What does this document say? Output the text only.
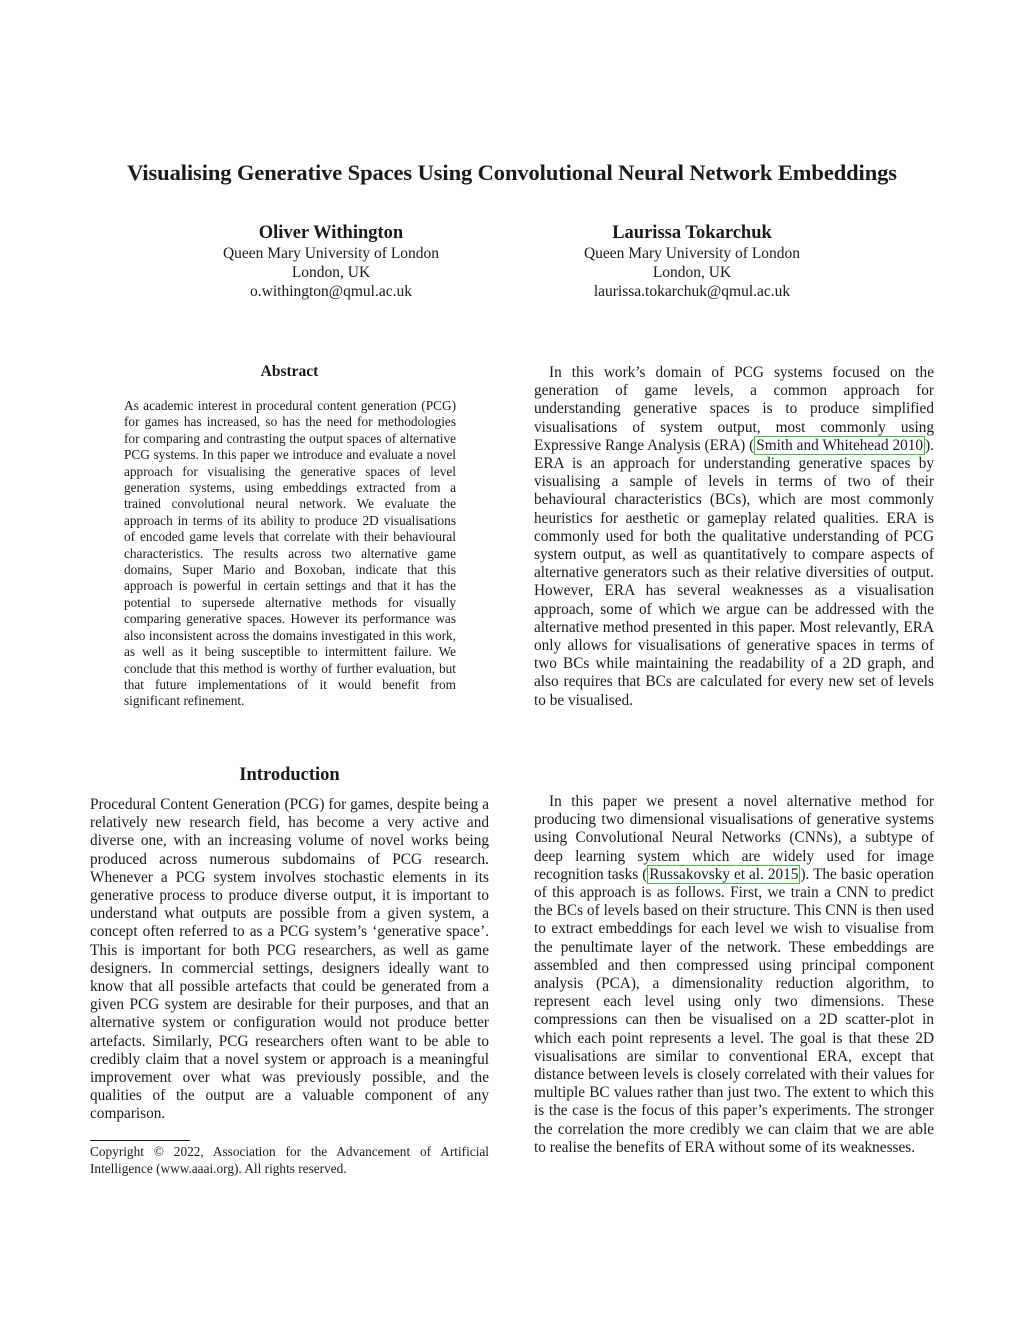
Visualising Generative Spaces Using Convolutional Neural Network Embeddings
Oliver Withington
Queen Mary University of London
London, UK
o.withington@qmul.ac.uk
Laurissa Tokarchuk
Queen Mary University of London
London, UK
laurissa.tokarchuk@qmul.ac.uk
Abstract
As academic interest in procedural content generation (PCG) for games has increased, so has the need for methodologies for comparing and contrasting the output spaces of alternative PCG systems. In this paper we introduce and evaluate a novel approach for visualising the generative spaces of level generation systems, using embeddings extracted from a trained convolutional neural network. We evaluate the approach in terms of its ability to produce 2D visualisations of encoded game levels that correlate with their behavioural characteristics. The results across two alternative game domains, Super Mario and Boxoban, indicate that this approach is powerful in certain settings and that it has the potential to supersede alternative methods for visually comparing generative spaces. However its performance was also inconsistent across the domains investigated in this work, as well as it being susceptible to intermittent failure. We conclude that this method is worthy of further evaluation, but that future implementations of it would benefit from significant refinement.
Introduction

Procedural Content Generation (PCG) for games, despite being a relatively new research field, has become a very active and diverse one, with an increasing volume of novel works being produced across numerous subdomains of PCG research. Whenever a PCG system involves stochastic elements in its generative process to produce diverse output, it is important to understand what outputs are possible from a given system, a concept often referred to as a PCG system’s ‘generative space’. This is important for both PCG researchers, as well as game designers. In commercial settings, designers ideally want to know that all possible artefacts that could be generated from a given PCG system are desirable for their purposes, and that an alternative system or configuration would not produce better artefacts. Similarly, PCG researchers often want to be able to credibly claim that a novel system or approach is a meaningful improvement over what was previously possible, and the qualities of the output are a valuable component of any comparison.

Copyright © 2022, Association for the Advancement of Artificial Intelligence (www.aaai.org). All rights reserved.

In this work’s domain of PCG systems focused on the generation of game levels, a common approach for understanding generative spaces is to produce simplified visualisations of system output, most commonly using Expressive Range Analysis (ERA) ( Smith and Whitehead 2010 ). ERA is an approach for understanding generative spaces by visualising a sample of levels in terms of two of their behavioural characteristics (BCs), which are most commonly heuristics for aesthetic or gameplay related qualities. ERA is commonly used for both the qualitative understanding of PCG system output, as well as quantitatively to compare aspects of alternative generators such as their relative diversities of output. However, ERA has several weaknesses as a visualisation approach, some of which we argue can be addressed with the alternative method presented in this paper. Most relevantly, ERA only allows for visualisations of generative spaces in terms of two BCs while maintaining the readability of a 2D graph, and also requires that BCs are calculated for every new set of levels to be visualised.

In this paper we present a novel alternative method for producing two dimensional visualisations of generative systems using Convolutional Neural Networks (CNNs), a subtype of deep learning system which are widely used for image recognition tasks ( Russakovsky et al. 2015 ). The basic operation of this approach is as follows. First, we train a CNN to predict the BCs of levels based on their structure. This CNN is then used to extract embeddings for each level we wish to visualise from the penultimate layer of the network. These embeddings are assembled and then compressed using principal component analysis (PCA), a dimensionality reduction algorithm, to represent each level using only two dimensions. These compressions can then be visualised on a 2D scatter-plot in which each point represents a level. The goal is that these 2D visualisations are similar to conventional ERA, except that distance between levels is closely correlated with their values for multiple BC values rather than just two. The extent to which this is the case is the focus of this paper’s experiments. The stronger the correlation the more credibly we can claim that we are able to realise the benefits of ERA without some of its weaknesses.
